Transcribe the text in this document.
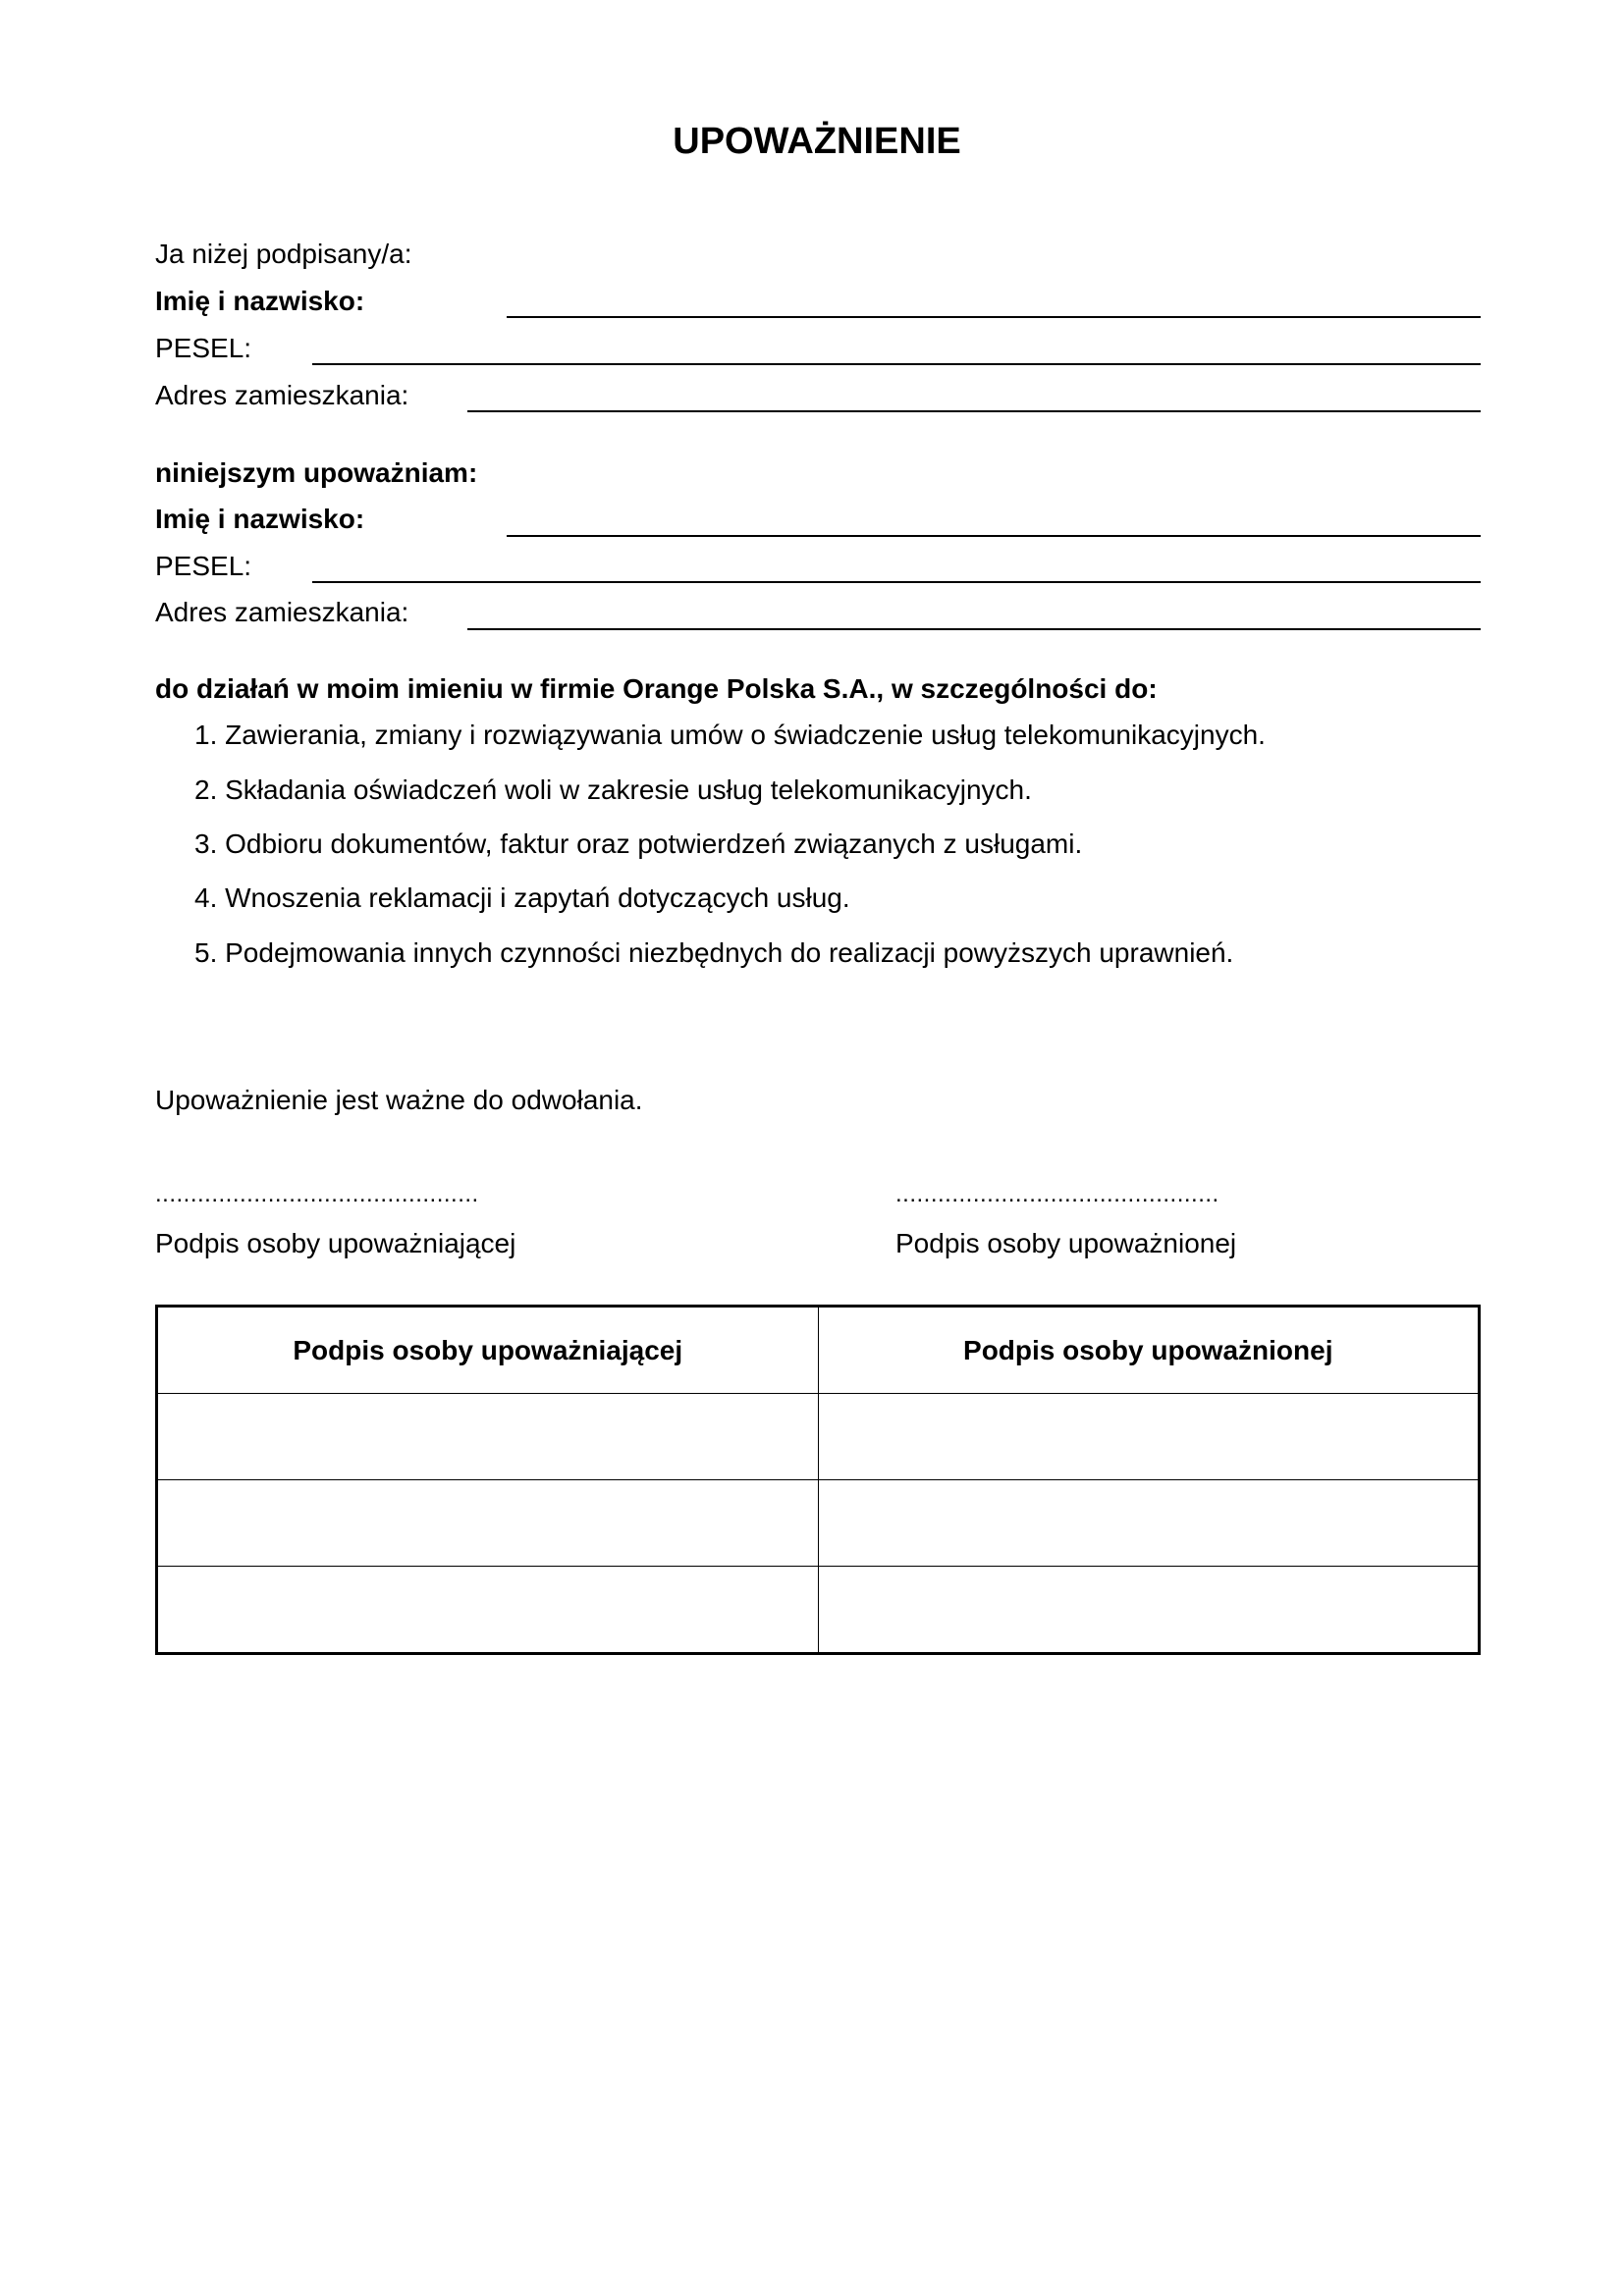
UPOWAŻNIENIE
Ja niżej podpisany/a:
Imię i nazwisko:
PESEL:
Adres zamieszkania:
niniejszym upoważniam:
Imię i nazwisko:
PESEL:
Adres zamieszkania:
do działań w moim imieniu w firmie Orange Polska S.A., w szczególności do:
1. Zawierania, zmiany i rozwiązywania umów o świadczenie usług telekomunikacyjnych.
2. Składania oświadczeń woli w zakresie usług telekomunikacyjnych.
3. Odbioru dokumentów, faktur oraz potwierdzeń związanych z usługami.
4. Wnoszenia reklamacji i zapytań dotyczących usług.
5. Podejmowania innych czynności niezbędnych do realizacji powyższych uprawnień.
Upoważnienie jest ważne do odwołania.
..............................................	..............................................
Podpis osoby upoważniającej	Podpis osoby upoważnionej
Podpis osoby upoważniającej	Podpis osoby upoważnionej
